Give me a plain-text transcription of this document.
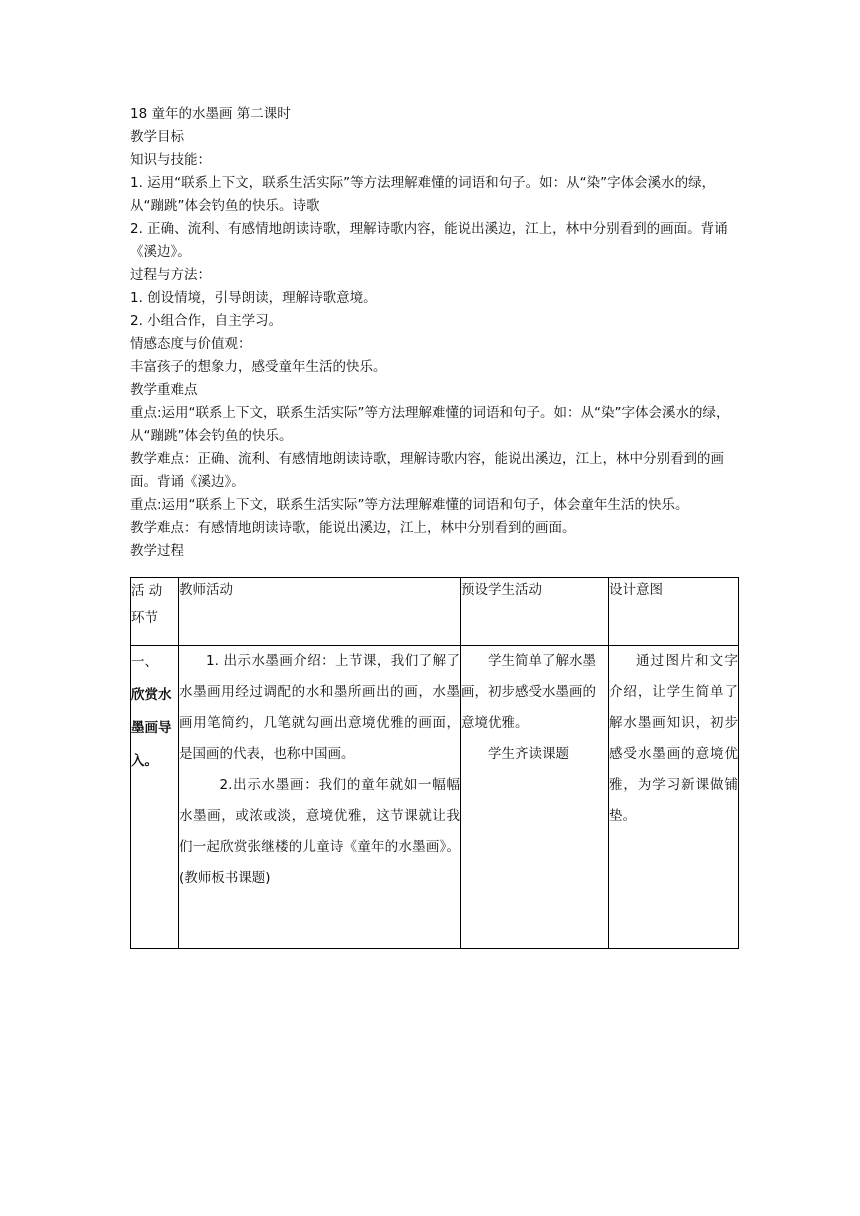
18 童年的水墨画 第二课时
教学目标
知识与技能：
1. 运用“联系上下文，联系生活实际”等方法理解难懂的词语和句子。如：从“染”字体会溪水的绿，从“蹦跳”体会钓鱼的快乐。诗歌
2. 正确、流利、有感情地朗读诗歌，理解诗歌内容，能说出溪边，江上，林中分别看到的画面。背诵《溪边》。
过程与方法：
1. 创设情境，引导朗读，理解诗歌意境。
2. 小组合作，自主学习。
情感态度与价值观：
丰富孩子的想象力，感受童年生活的快乐。
教学重难点
重点:运用“联系上下文，联系生活实际”等方法理解难懂的词语和句子。如：从“染”字体会溪水的绿，从“蹦跳”体会钓鱼的快乐。
教学难点：正确、流利、有感情地朗读诗歌，理解诗歌内容，能说出溪边，江上，林中分别看到的画面。背诵《溪边》。
重点:运用“联系上下文，联系生活实际”等方法理解难懂的词语和句子，体会童年生活的快乐。
教学难点：有感情地朗读诗歌，能说出溪边，江上，林中分别看到的画面。
教学过程
活 动 环节	教师活动	预设学生活动	设计意图
一、
欣赏水墨画导入。	1. 出示水墨画介绍：上节课，我们了解了水墨画用经过调配的水和墨所画出的画，水墨画用笔简约，几笔就勾画出意境优雅的画面，是国画的代表，也称中国画。
2.出示水墨画：我们的童年就如一幅幅水墨画，或浓或淡，意境优雅，这节课就让我们一起欣赏张继楼的儿童诗《童年的水墨画》。(教师板书课题)	学生简单了解水墨画，初步感受水墨画的意境优雅。
学生齐读课题	通过图片和文字介绍，让学生简单了解水墨画知识，初步感受水墨画的意境优雅，为学习新课做铺垫。
